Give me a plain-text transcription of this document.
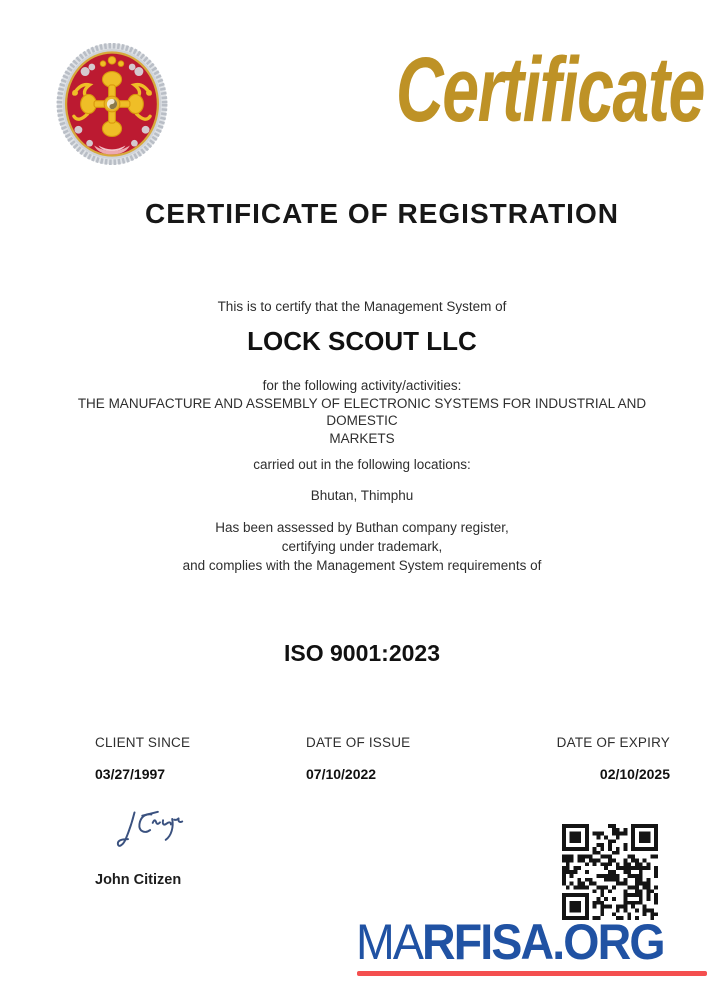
Certificate
CERTIFICATE OF REGISTRATION
This is to certify that the Management System of
LOCK SCOUT LLC
for the following activity/activities:
THE MANUFACTURE AND ASSEMBLY OF ELECTRONIC SYSTEMS FOR INDUSTRIAL AND
DOMESTIC
MARKETS
carried out in the following locations:
Bhutan, Thimphu
Has been assessed by Buthan company register,
certifying under trademark,
and complies with the Management System requirements of
ISO 9001:2023
CLIENT SINCE
03/27/1997
DATE OF ISSUE
07/10/2022
DATE OF EXPIRY
02/10/2025
John Citizen
MARFISA.ORG
